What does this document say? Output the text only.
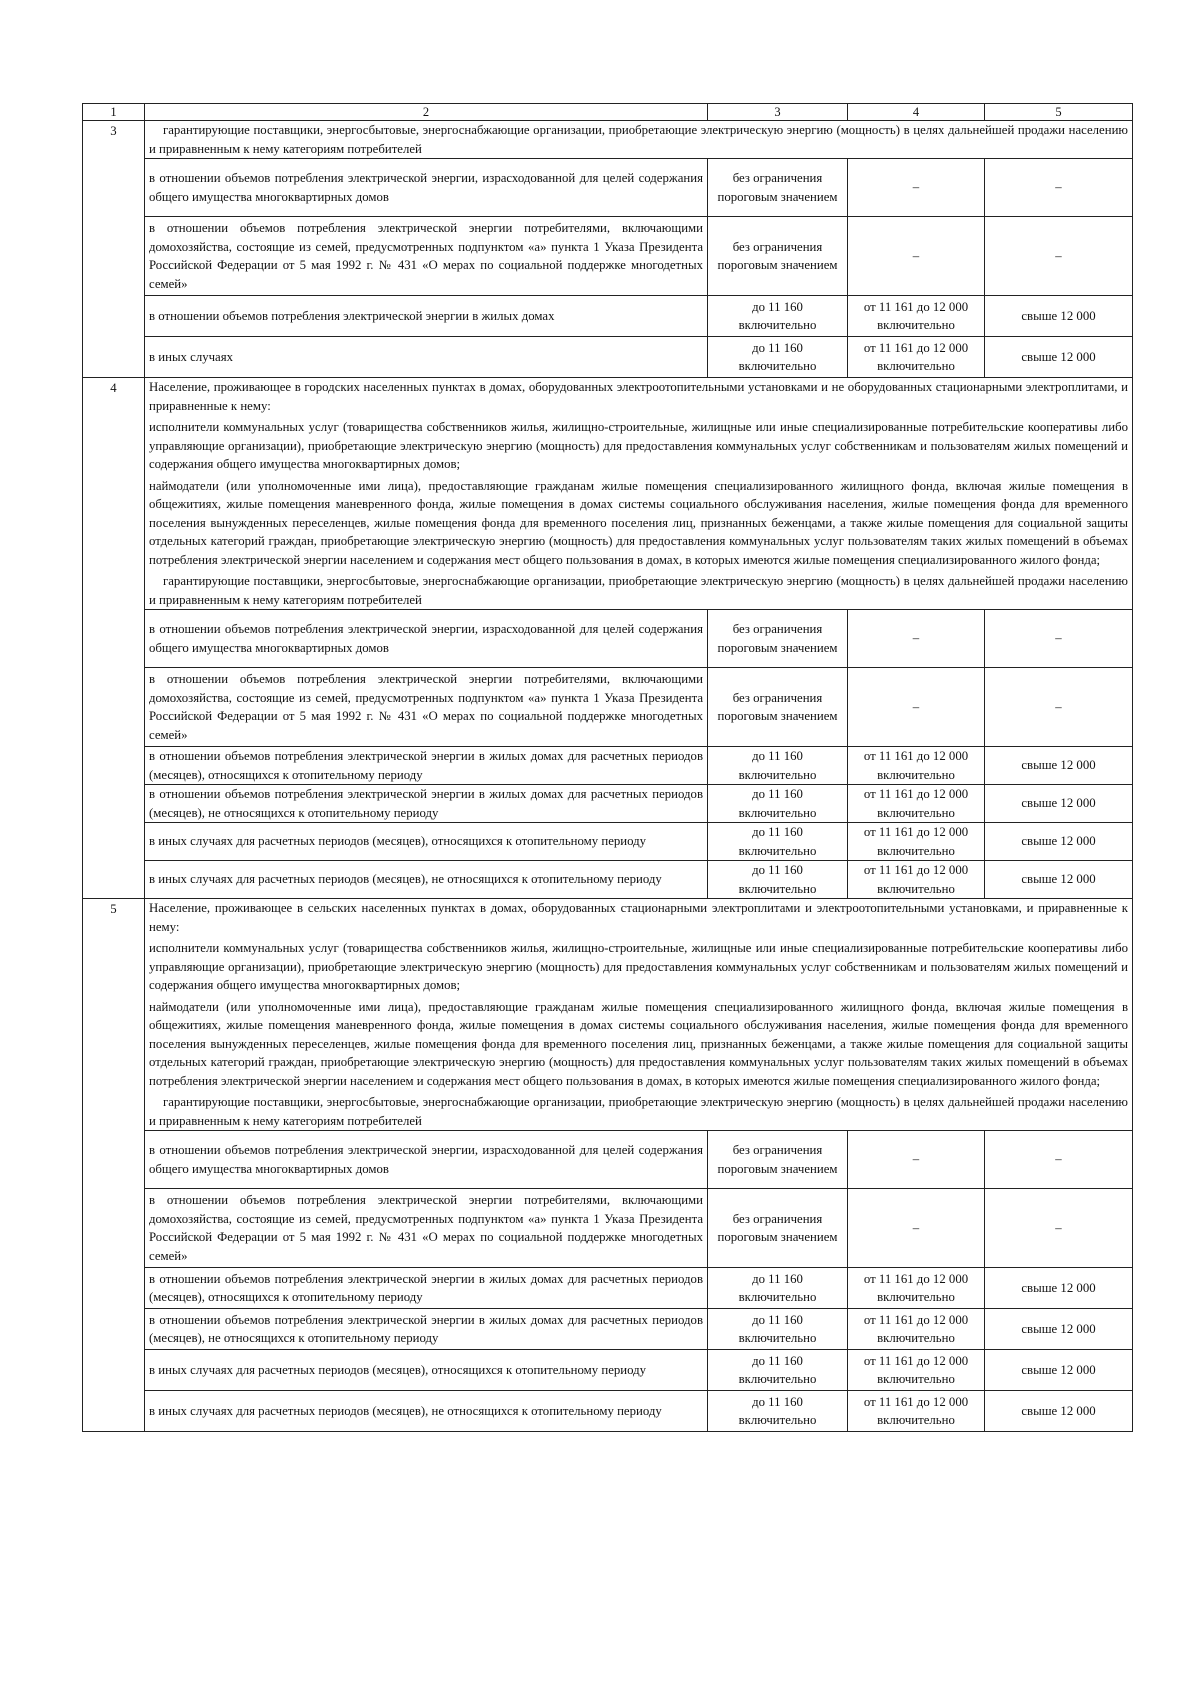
1	2	3	4	5
3	гарантирующие поставщики, энергосбытовые, энергоснабжающие организации, приобретающие электрическую энергию (мощность) в целях дальнейшей продажи населению и приравненным к нему категориям потребителей			

	в отношении объемов потребления электрической энергии, израсходованной для целей содержания общего имущества многоквартирных домов	без ограничения пороговым значением	–	–
	в отношении объемов потребления электрической энергии потребителями, включающими домохозяйства, состоящие из семей, предусмотренных подпунктом «а» пункта 1 Указа Президента Российской Федерации от 5 мая 1992 г. № 431 «О мерах по социальной поддержке многодетных семей»	без ограничения пороговым значением	–	–
	в отношении объемов потребления электрической энергии в жилых домах	до 11 160 включительно	от 11 161 до 12 000 включительно	свыше 12 000
	в иных случаях	до 11 160 включительно	от 11 161 до 12 000 включительно	свыше 12 000
4	Население, проживающее в городских населенных пунктах в домах, оборудованных электроотопительными установками и не оборудованных стационарными электроплитами, и приравненные к нему:

исполнители коммунальных услуг (товарищества собственников жилья, жилищно-строительные, жилищные или иные специализированные потребительские кооперативы либо управляющие организации), приобретающие электрическую энергию (мощность) для предоставления коммунальных услуг собственникам и пользователям жилых помещений и содержания общего имущества многоквартирных домов;

наймодатели (или уполномоченные ими лица), предоставляющие гражданам жилые помещения специализированного жилищного фонда, включая жилые помещения в общежитиях, жилые помещения маневренного фонда, жилые помещения в домах системы социального обслуживания населения, жилые помещения фонда для временного поселения вынужденных переселенцев, жилые помещения фонда для временного поселения лиц, признанных беженцами, а также жилые помещения для социальной защиты отдельных категорий граждан, приобретающие электрическую энергию (мощность) для предоставления коммунальных услуг пользователям таких жилых помещений в объемах потребления электрической энергии населением и содержания мест общего пользования в домах, в которых имеются жилые помещения специализированного жилого фонда;

гарантирующие поставщики, энергосбытовые, энергоснабжающие организации, приобретающие электрическую энергию (мощность) в целях дальнейшей продажи населению и приравненным к нему категориям потребителей			

	в отношении объемов потребления электрической энергии, израсходованной для целей содержания общего имущества многоквартирных домов	без ограничения пороговым значением	–	–
	в отношении объемов потребления электрической энергии потребителями, включающими домохозяйства, состоящие из семей, предусмотренных подпунктом «а» пункта 1 Указа Президента Российской Федерации от 5 мая 1992 г. № 431 «О мерах по социальной поддержке многодетных семей»	без ограничения пороговым значением	–	–
	в отношении объемов потребления электрической энергии в жилых домах для расчетных периодов (месяцев), относящихся к отопительному периоду	до 11 160 включительно	от 11 161 до 12 000 включительно	свыше 12 000
	в отношении объемов потребления электрической энергии в жилых домах для расчетных периодов (месяцев), не относящихся к отопительному периоду	до 11 160 включительно	от 11 161 до 12 000 включительно	свыше 12 000
	в иных случаях для расчетных периодов (месяцев), относящихся к отопительному периоду	до 11 160 включительно	от 11 161 до 12 000 включительно	свыше 12 000
	в иных случаях для расчетных периодов (месяцев), не относящихся к отопительному периоду	до 11 160 включительно	от 11 161 до 12 000 включительно	свыше 12 000
5	Население, проживающее в сельских населенных пунктах в домах, оборудованных стационарными электроплитами и электроотопительными установками, и приравненные к нему:

исполнители коммунальных услуг (товарищества собственников жилья, жилищно-строительные, жилищные или иные специализированные потребительские кооперативы либо управляющие организации), приобретающие электрическую энергию (мощность) для предоставления коммунальных услуг собственникам и пользователям жилых помещений и содержания общего имущества многоквартирных домов;

наймодатели (или уполномоченные ими лица), предоставляющие гражданам жилые помещения специализированного жилищного фонда, включая жилые помещения в общежитиях, жилые помещения маневренного фонда, жилые помещения в домах системы социального обслуживания населения, жилые помещения фонда для временного поселения вынужденных переселенцев, жилые помещения фонда для временного поселения лиц, признанных беженцами, а также жилые помещения для социальной защиты отдельных категорий граждан, приобретающие электрическую энергию (мощность) для предоставления коммунальных услуг пользователям таких жилых помещений в объемах потребления электрической энергии населением и содержания мест общего пользования в домах, в которых имеются жилые помещения специализированного жилого фонда;

гарантирующие поставщики, энергосбытовые, энергоснабжающие организации, приобретающие электрическую энергию (мощность) в целях дальнейшей продажи населению и приравненным к нему категориям потребителей			

	в отношении объемов потребления электрической энергии, израсходованной для целей содержания общего имущества многоквартирных домов	без ограничения пороговым значением	–	–
	в отношении объемов потребления электрической энергии потребителями, включающими домохозяйства, состоящие из семей, предусмотренных подпунктом «а» пункта 1 Указа Президента Российской Федерации от 5 мая 1992 г. № 431 «О мерах по социальной поддержке многодетных семей»	без ограничения пороговым значением	–	–
	в отношении объемов потребления электрической энергии в жилых домах для расчетных периодов (месяцев), относящихся к отопительному периоду	до 11 160 включительно	от 11 161 до 12 000 включительно	свыше 12 000
	в отношении объемов потребления электрической энергии в жилых домах для расчетных периодов (месяцев), не относящихся к отопительному периоду	до 11 160 включительно	от 11 161 до 12 000 включительно	свыше 12 000
	в иных случаях для расчетных периодов (месяцев), относящихся к отопительному периоду	до 11 160 включительно	от 11 161 до 12 000 включительно	свыше 12 000
	в иных случаях для расчетных периодов (месяцев), не относящихся к отопительному периоду	до 11 160 включительно	от 11 161 до 12 000 включительно	свыше 12 000
